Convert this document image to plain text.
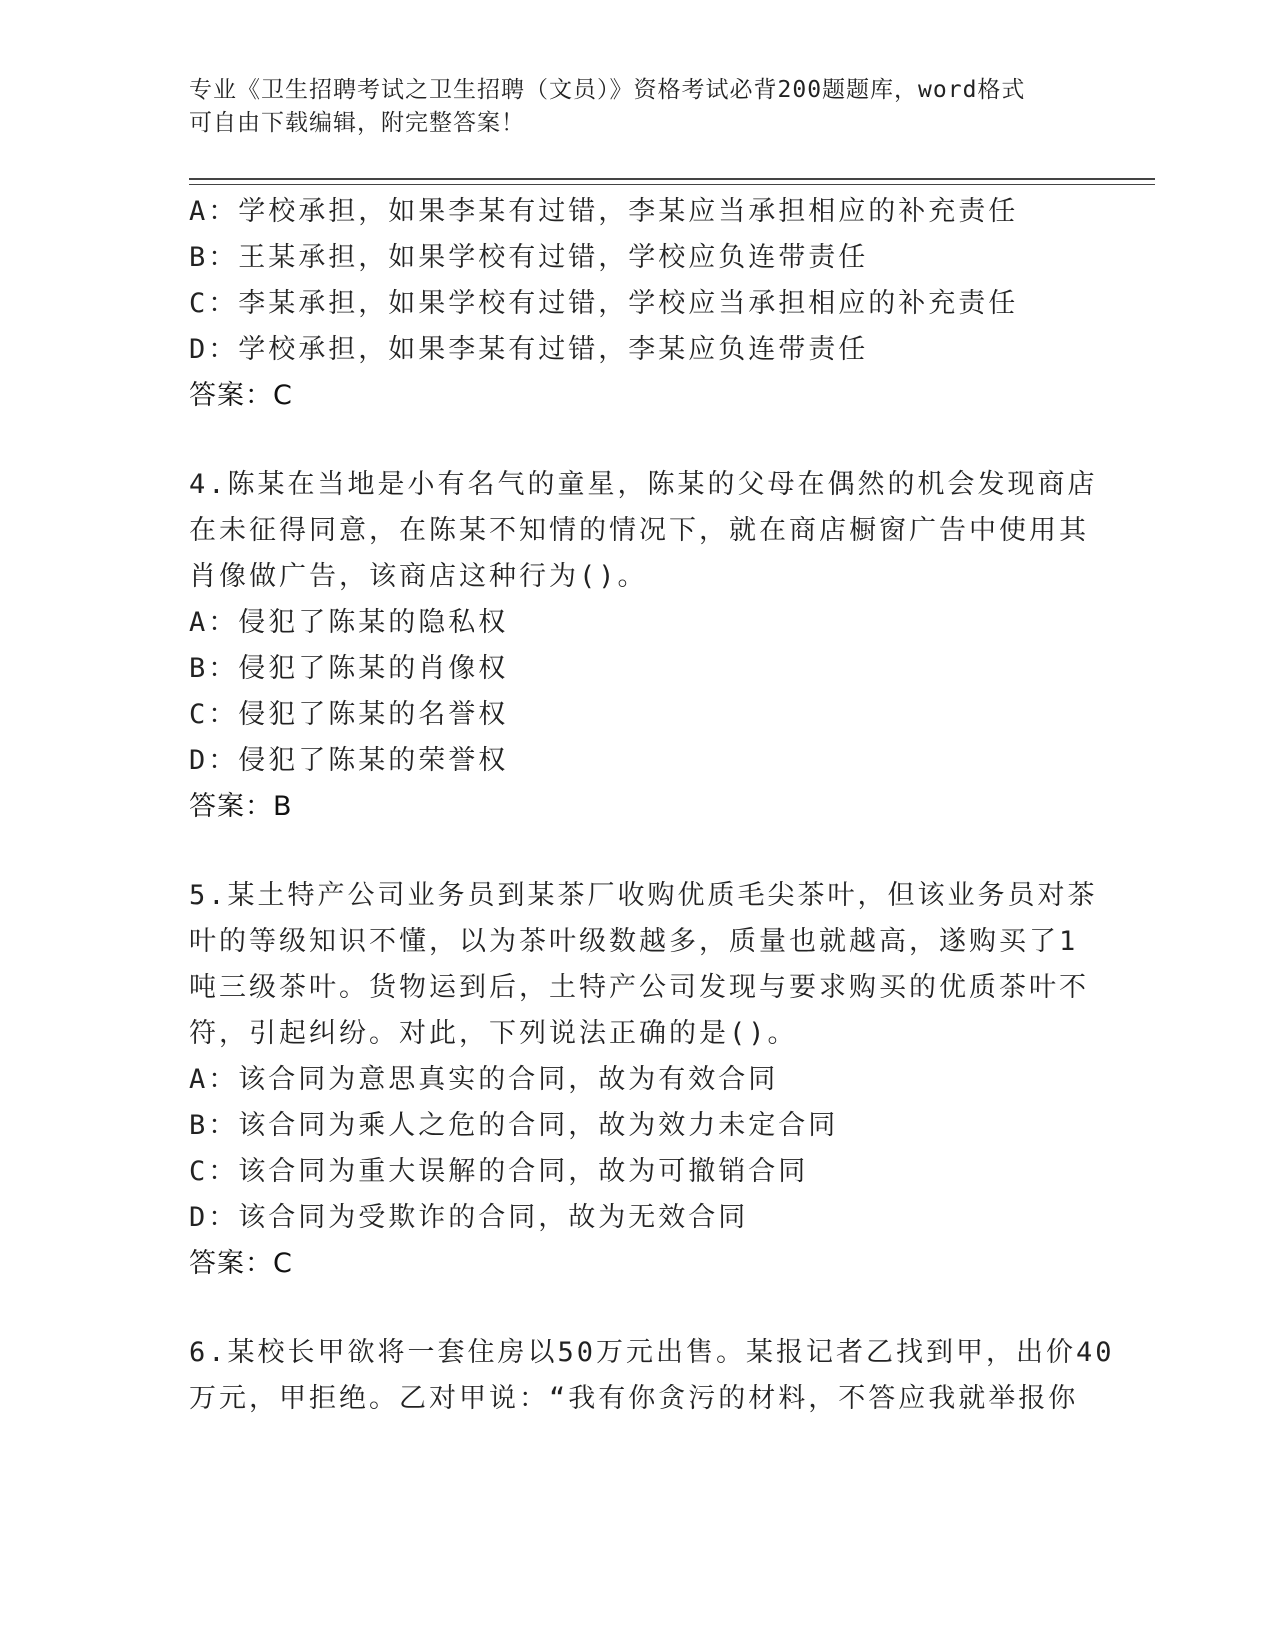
专业《卫生招聘考试之卫生招聘（文员）》资格考试必背200题题库，word格式
可自由下载编辑，附完整答案！
A：学校承担，如果李某有过错，李某应当承担相应的补充责任
B：王某承担，如果学校有过错，学校应负连带责任
C：李某承担，如果学校有过错，学校应当承担相应的补充责任
D：学校承担，如果李某有过错，李某应负连带责任
答案：C
4.陈某在当地是小有名气的童星，陈某的父母在偶然的机会发现商店
在未征得同意，在陈某不知情的情况下，就在商店橱窗广告中使用其
肖像做广告，该商店这种行为()。
A：侵犯了陈某的隐私权
B：侵犯了陈某的肖像权
C：侵犯了陈某的名誉权
D：侵犯了陈某的荣誉权
答案：B
5.某土特产公司业务员到某茶厂收购优质毛尖茶叶，但该业务员对茶
叶的等级知识不懂，以为茶叶级数越多，质量也就越高，遂购买了1
吨三级茶叶。货物运到后，土特产公司发现与要求购买的优质茶叶不
符，引起纠纷。对此，下列说法正确的是()。
A：该合同为意思真实的合同，故为有效合同
B：该合同为乘人之危的合同，故为效力未定合同
C：该合同为重大误解的合同，故为可撤销合同
D：该合同为受欺诈的合同，故为无效合同
答案：C
6.某校长甲欲将一套住房以50万元出售。某报记者乙找到甲，出价40
万元，甲拒绝。乙对甲说：“我有你贪污的材料，不答应我就举报你
